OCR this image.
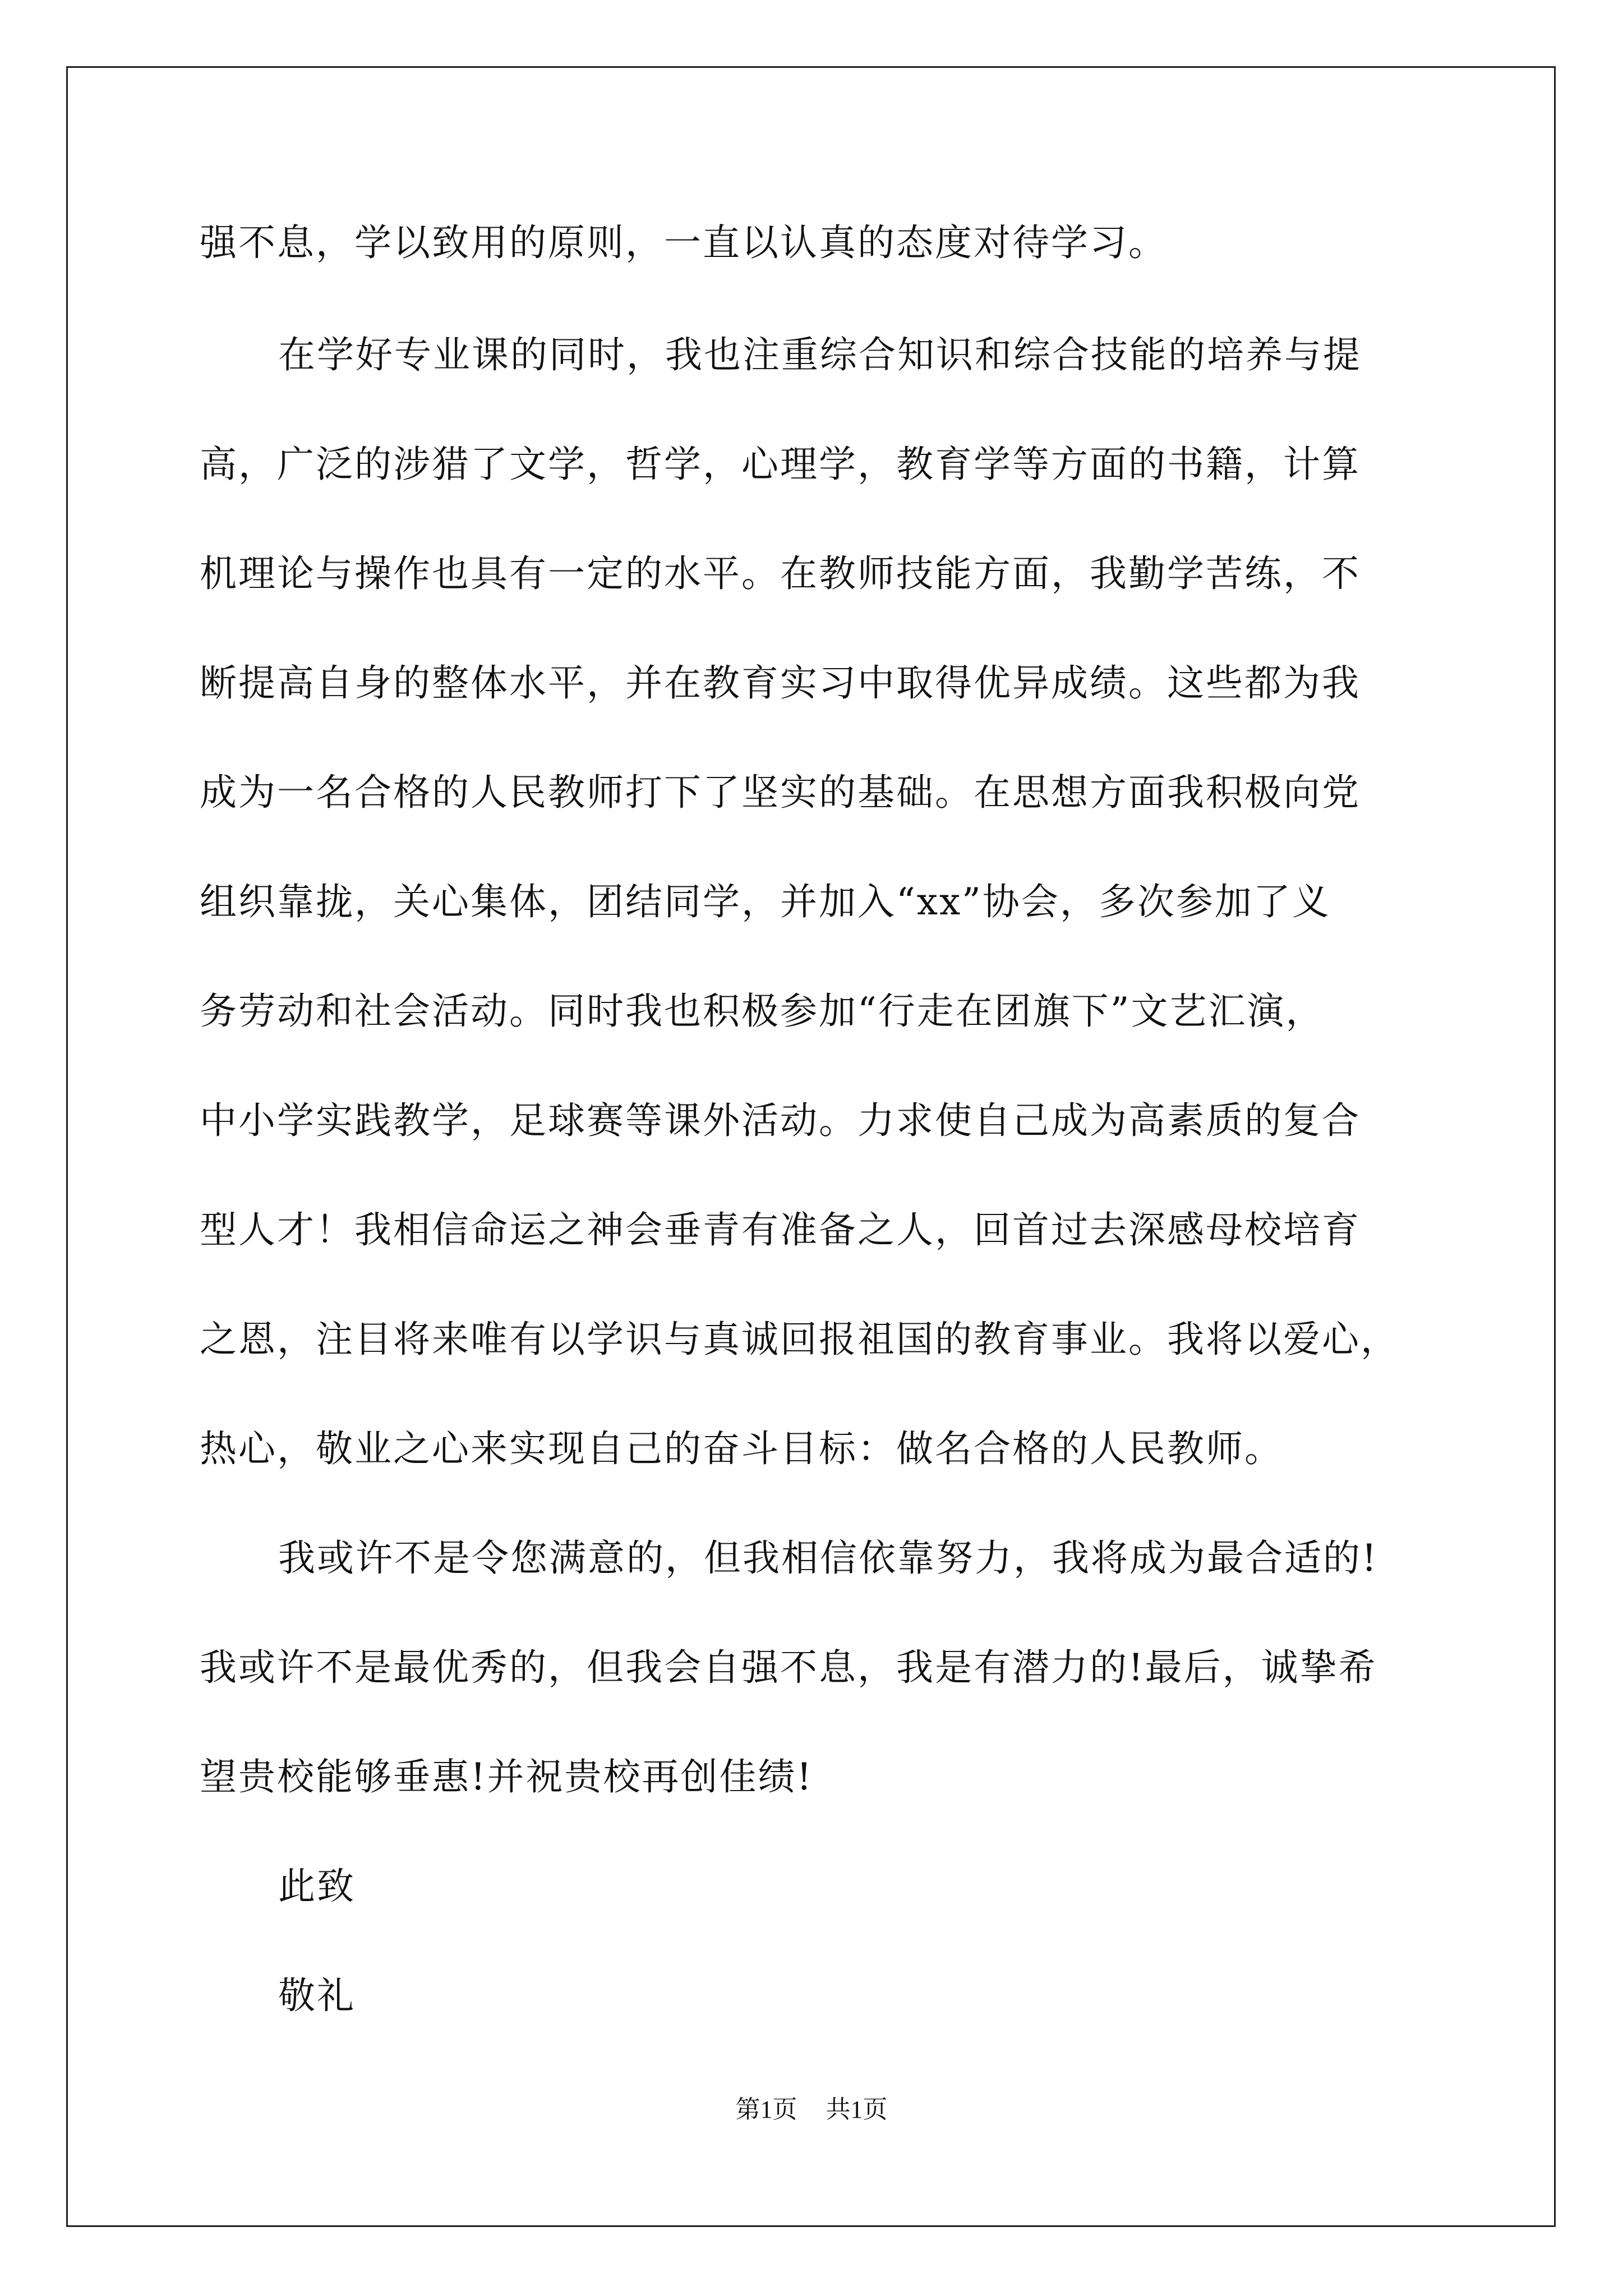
强不息，学以致用的原则，一直以认真的态度对待学习。
在学好专业课的同时，我也注重综合知识和综合技能的培养与提
高，广泛的涉猎了文学，哲学，心理学，教育学等方面的书籍，计算
机理论与操作也具有一定的水平。在教师技能方面，我勤学苦练，不
断提高自身的整体水平，并在教育实习中取得优异成绩。这些都为我
成为一名合格的人民教师打下了坚实的基础。在思想方面我积极向党
组织靠拢，关心集体，团结同学，并加入“xx”协会，多次参加了义
务劳动和社会活动。同时我也积极参加“行走在团旗下”文艺汇演，
中小学实践教学，足球赛等课外活动。力求使自己成为高素质的复合
型人才！我相信命运之神会垂青有准备之人，回首过去深感母校培育
之恩，注目将来唯有以学识与真诚回报祖国的教育事业。我将以爱心，
热心，敬业之心来实现自己的奋斗目标：做名合格的人民教师。
我或许不是令您满意的，但我相信依靠努力，我将成为最合适的!
我或许不是最优秀的，但我会自强不息，我是有潜力的!最后，诚挚希
望贵校能够垂惠!并祝贵校再创佳绩!
此致
敬礼
第1页 共1页
